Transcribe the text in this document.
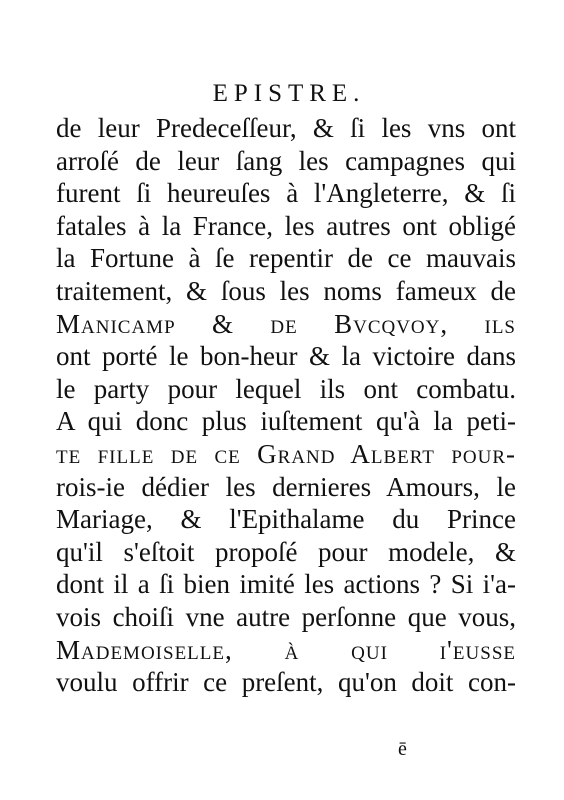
EPISTRE.
de leur Predeceſſeur, & ſi les vns ont
arroſé de leur ſang les campagnes qui
furent ſi heureuſes à l'Angleterre, & ſi
fatales à la France, les autres ont obligé
la Fortune à ſe repentir de ce mauvais
traitement, & ſous les noms fameux de
Manicamp & de Bvcqvoy, ils
ont porté le bon-heur & la victoire dans
le party pour lequel ils ont combatu.
A qui donc plus iuſtement qu'à la peti-
te fille de ce Grand Albert pour-
rois-ie dédier les dernieres Amours, le
Mariage, & l'Epithalame du Prince
qu'il s'eſtoit propoſé pour modele, &
dont il a ſi bien imité les actions ? Si i'a-
vois choiſi vne autre perſonne que vous,
Mademoiselle, à qui i'euſſe
voulu offrir ce preſent, qu'on doit con-
ē
